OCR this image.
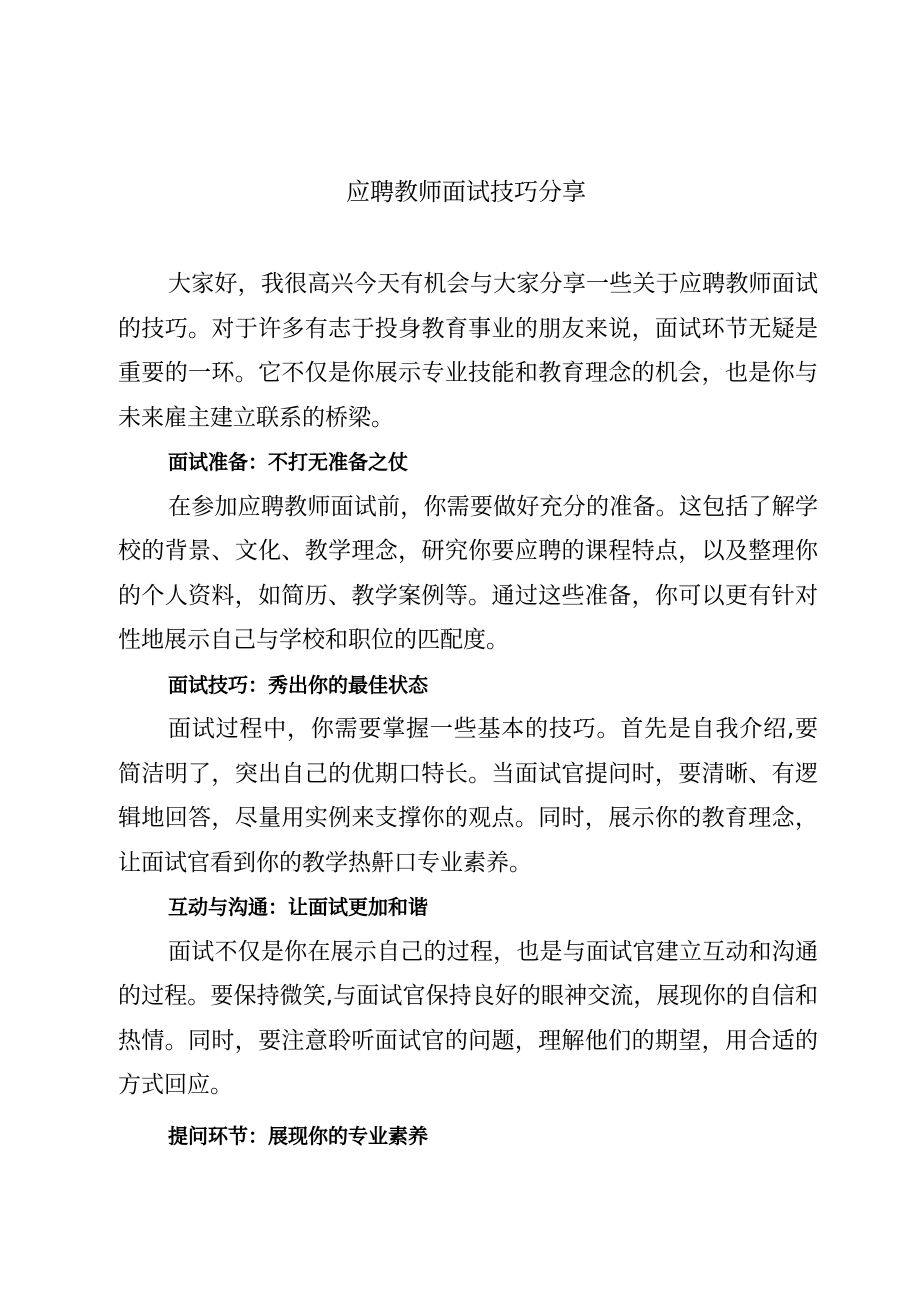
应聘教师面试技巧分享

大家好，我很高兴今天有机会与大家分享一些关于应聘教师面试的技巧。对于许多有志于投身教育事业的朋友来说，面试环节无疑是重要的一环。它不仅是你展示专业技能和教育理念的机会，也是你与未来雇主建立联系的桥梁。

面试准备：不打无准备之仗

在参加应聘教师面试前，你需要做好充分的准备。这包括了解学校的背景、文化、教学理念，研究你要应聘的课程特点，以及整理你的个人资料，如简历、教学案例等。通过这些准备，你可以更有针对性地展示自己与学校和职位的匹配度。

面试技巧：秀出你的最佳状态

面试过程中，你需要掌握一些基本的技巧。首先是自我介绍,要简洁明了，突出自己的优期口特长。当面试官提问时，要清晰、有逻辑地回答，尽量用实例来支撑你的观点。同时，展示你的教育理念，让面试官看到你的教学热鼾口专业素养。

互动与沟通：让面试更加和谐

面试不仅是你在展示自己的过程，也是与面试官建立互动和沟通的过程。要保持微笑,与面试官保持良好的眼神交流，展现你的自信和热情。同时，要注意聆听面试官的问题，理解他们的期望，用合适的方式回应。

提问环节：展现你的专业素养
